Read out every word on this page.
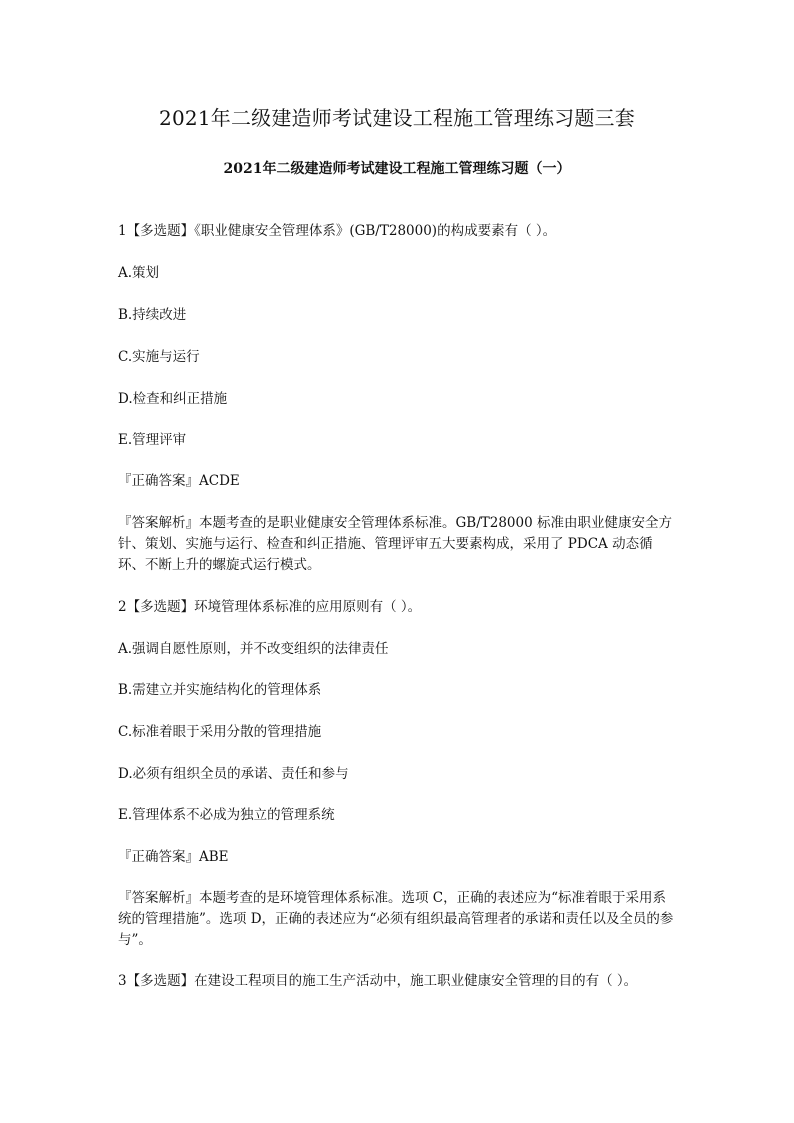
2021年二级建造师考试建设工程施工管理练习题三套
2021年二级建造师考试建设工程施工管理练习题（一）

1【多选题】《职业健康安全管理体系》(GB/T28000)的构成要素有（ ）。

A.策划

B.持续改进

C.实施与运行

D.检查和纠正措施

E.管理评审

『正确答案』ACDE

『答案解析』本题考查的是职业健康安全管理体系标准。GB/T28000 标准由职业健康安全方针、策划、实施与运行、检查和纠正措施、管理评审五大要素构成，采用了 PDCA 动态循环、不断上升的螺旋式运行模式。

2【多选题】环境管理体系标准的应用原则有（ ）。

A.强调自愿性原则，并不改变组织的法律责任

B.需建立并实施结构化的管理体系

C.标准着眼于采用分散的管理措施

D.必须有组织全员的承诺、责任和参与

E.管理体系不必成为独立的管理系统

『正确答案』ABE

『答案解析』本题考查的是环境管理体系标准。选项 C，正确的表述应为“标准着眼于采用系统的管理措施”。选项 D，正确的表述应为“必须有组织最高管理者的承诺和责任以及全员的参与”。

3【多选题】在建设工程项目的施工生产活动中，施工职业健康安全管理的目的有（ ）。
